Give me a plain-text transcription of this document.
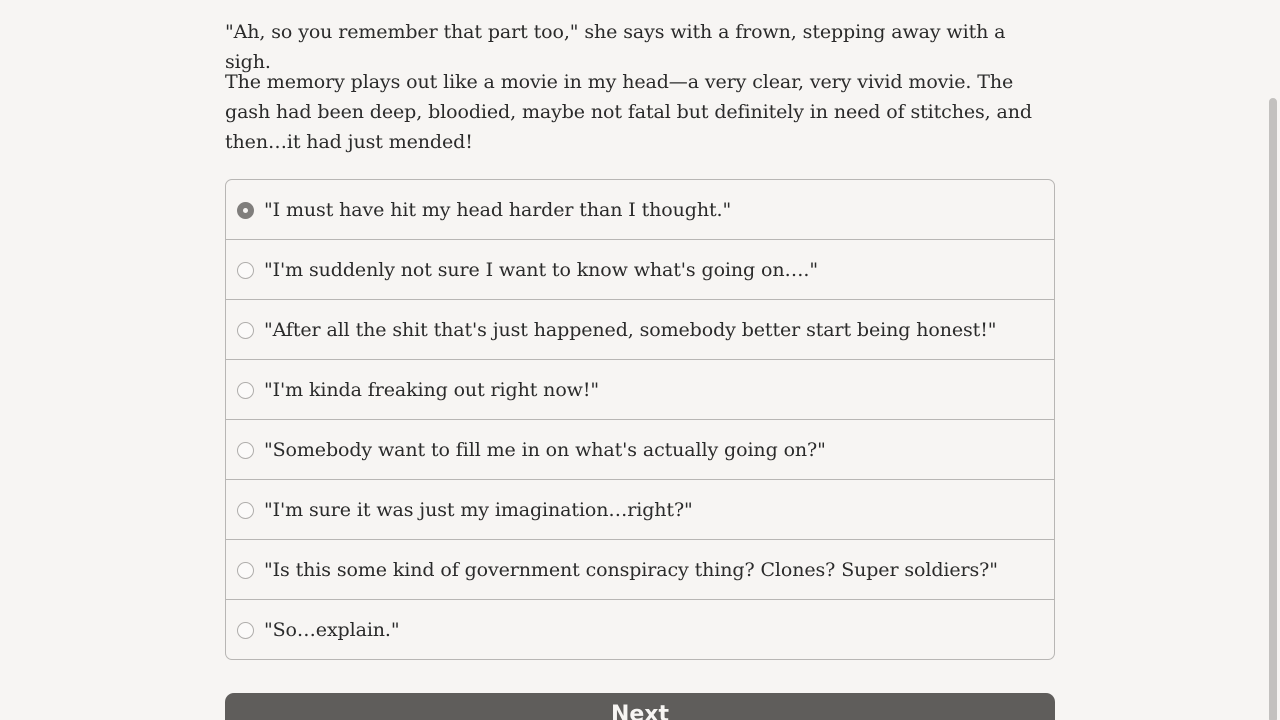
"Ah, so you remember that part too," she says with a frown, stepping away with a sigh.

The memory plays out like a movie in my head—a very clear, very vivid movie. The gash had been deep, bloodied, maybe not fatal but definitely in need of stitches, and then…it had just mended!

"I must have hit my head harder than I thought."
"I'm suddenly not sure I want to know what's going on…."
"After all the shit that's just happened, somebody better start being honest!"
"I'm kinda freaking out right now!"
"Somebody want to fill me in on what's actually going on?"
"I'm sure it was just my imagination…right?"
"Is this some kind of government conspiracy thing? Clones? Super soldiers?"
"So…explain."
Next
